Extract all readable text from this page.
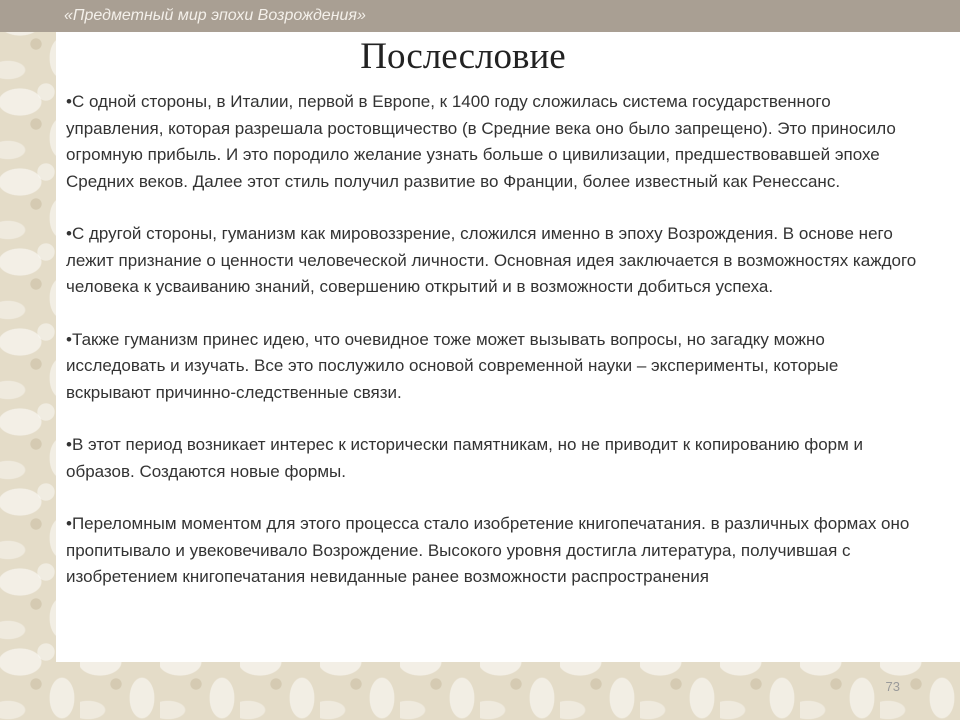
«Предметный мир эпохи Возрождения»
Послесловие

•С одной стороны, в Италии, первой в Европе, к 1400 году сложилась система государственного управления, которая разрешала ростовщичество (в Средние века оно было запрещено). Это приносило огромную прибыль. И это породило желание узнать больше о цивилизации, предшествовавшей эпохе Средних веков. Далее этот стиль получил развитие во Франции, более известный как Ренессанс.

•С другой стороны, гуманизм как мировоззрение, сложился именно в эпоху Возрождения. В основе него лежит признание о ценности человеческой личности. Основная идея заключается в возможностях каждого человека к усваиванию знаний, совершению открытий и в возможности добиться успеха.

•Также гуманизм принес идею, что очевидное тоже может вызывать вопросы, но загадку можно исследовать и изучать. Все это послужило основой современной науки – эксперименты, которые вскрывают причинно-следственные связи.

•В этот период возникает интерес к исторически памятникам, но не приводит к копированию форм и образов. Создаются новые формы.

•Переломным моментом для этого процесса стало изобретение книгопечатания. в различных формах оно пропитывало и увековечивало Возрождение. Высокого уровня достигла литература, получившая с изобретением книгопечатания невиданные ранее возможности распространения

73
